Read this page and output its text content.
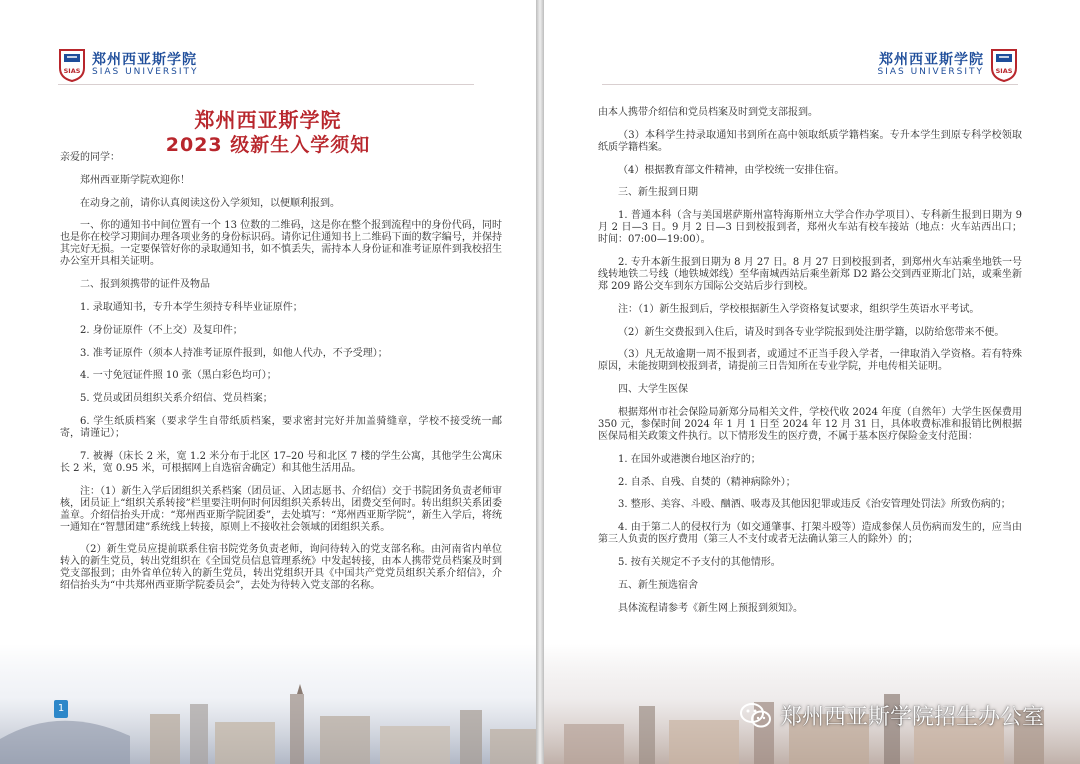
SIAS
郑州西亚斯学院
SIAS UNIVERSITY
郑州西亚斯学院
2023 级新生入学须知

亲爱的同学：

郑州西亚斯学院欢迎你！

在动身之前，请你认真阅读这份入学须知，以便顺利报到。

一、你的通知书中间位置有一个 13 位数的二维码，这是你在整个报到流程中的身份代码，同时也是你在校学习期间办理各项业务的身份标识码。请你记住通知书上二维码下面的数字编号，并保持其完好无损。一定要保管好你的录取通知书，如不慎丢失，需持本人身份证和准考证原件到我校招生办公室开具相关证明。

二、报到须携带的证件及物品

1. 录取通知书，专升本学生须持专科毕业证原件；

2. 身份证原件（不上交）及复印件；

3. 准考证原件（须本人持准考证原件报到，如他人代办，不予受理）；

4. 一寸免冠证件照 10 张（黑白彩色均可）；

5. 党员或团员组织关系介绍信、党员档案；

6. 学生纸质档案（要求学生自带纸质档案，要求密封完好并加盖骑缝章，学校不接受统一邮寄，请谨记）；

7. 被褥（床长 2 米，宽 1.2 米分布于北区 17–20 号和北区 7 楼的学生公寓，其他学生公寓床长 2 米，宽 0.95 米，可根据网上自选宿舍确定）和其他生活用品。

注：（1）新生入学后团组织关系档案（团员证、入团志愿书、介绍信）交于书院团务负责老师审核，团员证上“组织关系转接”栏里要注明何时何因组织关系转出，团费交至何时。转出组织关系团委盖章。介绍信抬头开成：“郑州西亚斯学院团委”，去处填写：“郑州西亚斯学院”，新生入学后，将统一通知在“智慧团建”系统线上转接，原则上不接收社会领域的团组织关系。

（2）新生党员应提前联系住宿书院党务负责老师，询问待转入的党支部名称。由河南省内单位转入的新生党员，转出党组织在《全国党员信息管理系统》中发起转接，由本人携带党员档案及时到党支部报到；由外省单位转入的新生党员，转出党组织开具《中国共产党党员组织关系介绍信》，介绍信抬头为“中共郑州西亚斯学院委员会”，去处为待转入党支部的名称。

1
郑州西亚斯学院
SIAS UNIVERSITY SIAS

由本人携带介绍信和党员档案及时到党支部报到。

（3）本科学生持录取通知书到所在高中领取纸质学籍档案。专升本学生到原专科学校领取纸质学籍档案。

（4）根据教育部文件精神，由学校统一安排住宿。

三、新生报到日期

1. 普通本科（含与美国堪萨斯州富特海斯州立大学合作办学项目）、专科新生报到日期为 9 月 2 日—3 日。9 月 2 日—3 日到校报到者，郑州火车站有校车接站（地点：火车站西出口；时间：07:00—19:00）。

2. 专升本新生报到日期为 8 月 27 日。8 月 27 日到校报到者，到郑州火车站乘坐地铁一号线转地铁二号线（地铁城郊线）至华南城西站后乘坐新郑 D2 路公交到西亚斯北门站，或乘坐新郑 209 路公交车到东方国际公交站后步行到校。

注：（1）新生报到后，学校根据新生入学资格复试要求，组织学生英语水平考试。

（2）新生交费报到入住后，请及时到各专业学院报到处注册学籍，以防给您带来不便。

（3）凡无故逾期一周不报到者，或通过不正当手段入学者，一律取消入学资格。若有特殊原因，未能按期到校报到者，请提前三日告知所在专业学院，并电传相关证明。

四、大学生医保

根据郑州市社会保险局新郑分局相关文件，学校代收 2024 年度（自然年）大学生医保费用 350 元，参保时间 2024 年 1 月 1 日至 2024 年 12 月 31 日，具体收费标准和报销比例根据医保局相关政策文件执行。以下情形发生的医疗费，不属于基本医疗保险金支付范围：

1. 在国外或港澳台地区治疗的；

2. 自杀、自残、自焚的（精神病除外）；

3. 整形、美容、斗殴、酗酒、吸毒及其他因犯罪或违反《治安管理处罚法》所致伤病的；

4. 由于第二人的侵权行为（如交通肇事、打架斗殴等）造成参保人员伤病而发生的，应当由第三人负责的医疗费用（第三人不支付或者无法确认第三人的除外）的；

5. 按有关规定不予支付的其他情形。

五、新生预选宿舍

具体流程请参考《新生网上预报到须知》。

郑州西亚斯学院招生办公室
